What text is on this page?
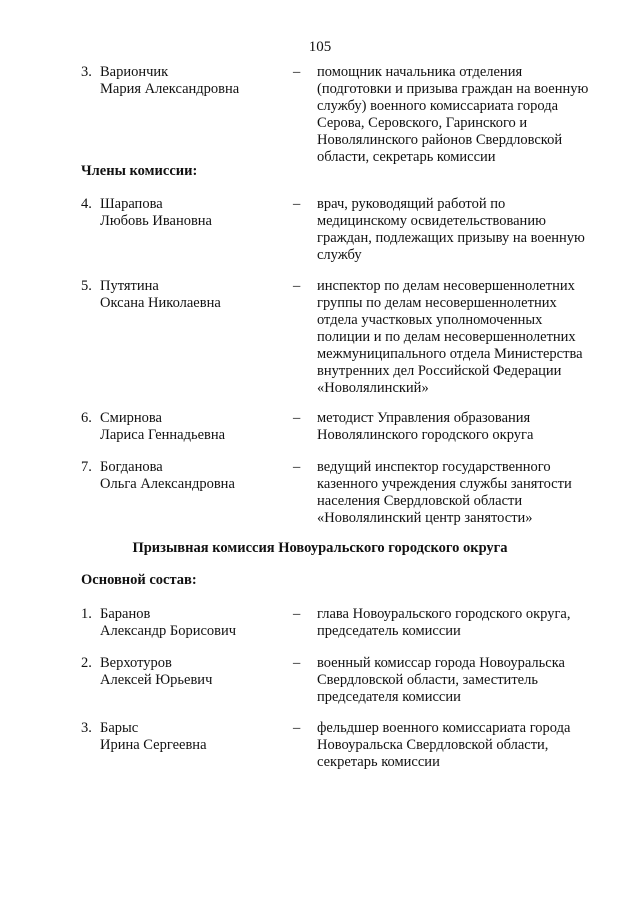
105
3. Вариончик
Мария Александровна
– помощник начальника отделения
(подготовки и призыва граждан на военную
службу) военного комиссариата города
Серова, Серовского, Гаринского и
Новолялинского районов Свердловской
области, секретарь комиссии
Члены комиссии:
4. Шарапова
Любовь Ивановна
– врач, руководящий работой по
медицинскому освидетельствованию
граждан, подлежащих призыву на военную
службу
5. Путятина
Оксана Николаевна
– инспектор по делам несовершеннолетних
группы по делам несовершеннолетних
отдела участковых уполномоченных
полиции и по делам несовершеннолетних
межмуниципального отдела Министерства
внутренних дел Российской Федерации
«Новолялинский»
6. Смирнова
Лариса Геннадьевна
– методист Управления образования
Новолялинского городского округа
7. Богданова
Ольга Александровна
– ведущий инспектор государственного
казенного учреждения службы занятости
населения Свердловской области
«Новолялинский центр занятости»
Призывная комиссия Новоуральского городского округа
Основной состав:
1. Баранов
Александр Борисович
– глава Новоуральского городского округа,
председатель комиссии
2. Верхотуров
Алексей Юрьевич
– военный комиссар города Новоуральска
Свердловской области, заместитель
председателя комиссии
3. Барыс
Ирина Сергеевна
– фельдшер военного комиссариата города
Новоуральска Свердловской области,
секретарь комиссии
